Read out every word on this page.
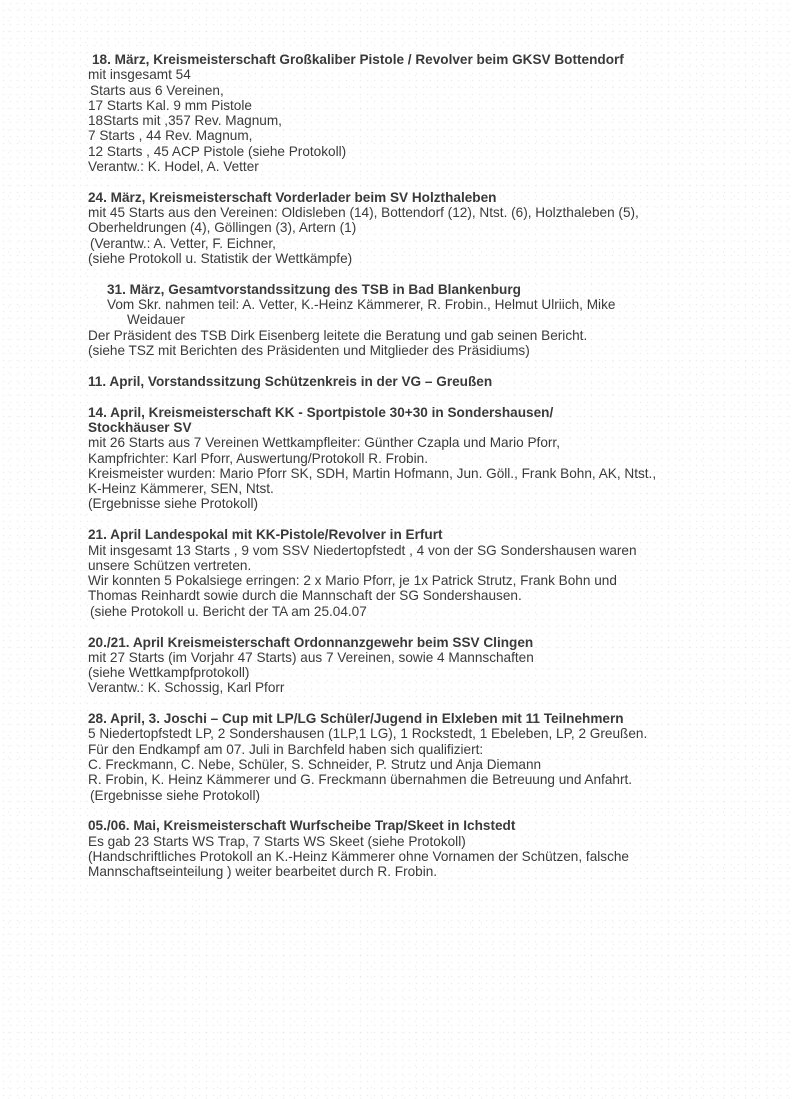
18. März, Kreismeisterschaft Großkaliber Pistole / Revolver beim GKSV Bottendorf
mit insgesamt 54
Starts aus 6 Vereinen,
17 Starts Kal. 9 mm Pistole
18Starts mit ,357 Rev. Magnum,
7 Starts , 44 Rev. Magnum,
12 Starts , 45 ACP Pistole (siehe Protokoll)
Verantw.: K. Hodel, A. Vetter
24. März, Kreismeisterschaft Vorderlader beim SV Holzthaleben
mit 45 Starts aus den Vereinen: Oldisleben (14), Bottendorf (12), Ntst. (6), Holzthaleben (5),
Oberheldrungen (4), Göllingen (3), Artern (1)
(Verantw.: A. Vetter, F. Eichner,
(siehe Protokoll u. Statistik der Wettkämpfe)
31. März, Gesamtvorstandssitzung des TSB in Bad Blankenburg
Vom Skr. nahmen teil: A. Vetter, K.-Heinz Kämmerer, R. Frobin., Helmut Ulriich, Mike
Weidauer
Der Präsident des TSB Dirk Eisenberg leitete die Beratung und gab seinen Bericht.
(siehe TSZ mit Berichten des Präsidenten und Mitglieder des Präsidiums)
11. April, Vorstandssitzung Schützenkreis in der VG – Greußen
14. April, Kreismeisterschaft KK - Sportpistole 30+30 in Sondershausen/
Stockhäuser SV
mit 26 Starts aus 7 Vereinen Wettkampfleiter: Günther Czapla und Mario Pforr,
Kampfrichter: Karl Pforr, Auswertung/Protokoll R. Frobin.
Kreismeister wurden: Mario Pforr SK, SDH, Martin Hofmann, Jun. Göll., Frank Bohn, AK, Ntst.,
K-Heinz Kämmerer, SEN, Ntst.
(Ergebnisse siehe Protokoll)
21. April Landespokal mit KK-Pistole/Revolver in Erfurt
Mit insgesamt 13 Starts , 9 vom SSV Niedertopfstedt , 4 von der SG Sondershausen waren
unsere Schützen vertreten.
Wir konnten 5 Pokalsiege erringen: 2 x Mario Pforr, je 1x Patrick Strutz, Frank Bohn und
Thomas Reinhardt sowie durch die Mannschaft der SG Sondershausen.
(siehe Protokoll u. Bericht der TA am 25.04.07
20./21. April Kreismeisterschaft Ordonnanzgewehr beim SSV Clingen
mit 27 Starts (im Vorjahr 47 Starts) aus 7 Vereinen, sowie 4 Mannschaften
(siehe Wettkampfprotokoll)
Verantw.: K. Schossig, Karl Pforr
28. April, 3. Joschi – Cup mit LP/LG Schüler/Jugend in Elxleben mit 11 Teilnehmern
5 Niedertopfstedt LP, 2 Sondershausen (1LP,1 LG), 1 Rockstedt, 1 Ebeleben, LP, 2 Greußen.
Für den Endkampf am 07. Juli in Barchfeld haben sich qualifiziert:
C. Freckmann, C. Nebe, Schüler, S. Schneider, P. Strutz und Anja Diemann
R. Frobin, K. Heinz Kämmerer und G. Freckmann übernahmen die Betreuung und Anfahrt.
(Ergebnisse siehe Protokoll)
05./06. Mai, Kreismeisterschaft Wurfscheibe Trap/Skeet in Ichstedt
Es gab 23 Starts WS Trap, 7 Starts WS Skeet (siehe Protokoll)
(Handschriftliches Protokoll an K.-Heinz Kämmerer ohne Vornamen der Schützen, falsche
Mannschaftseinteilung ) weiter bearbeitet durch R. Frobin.
